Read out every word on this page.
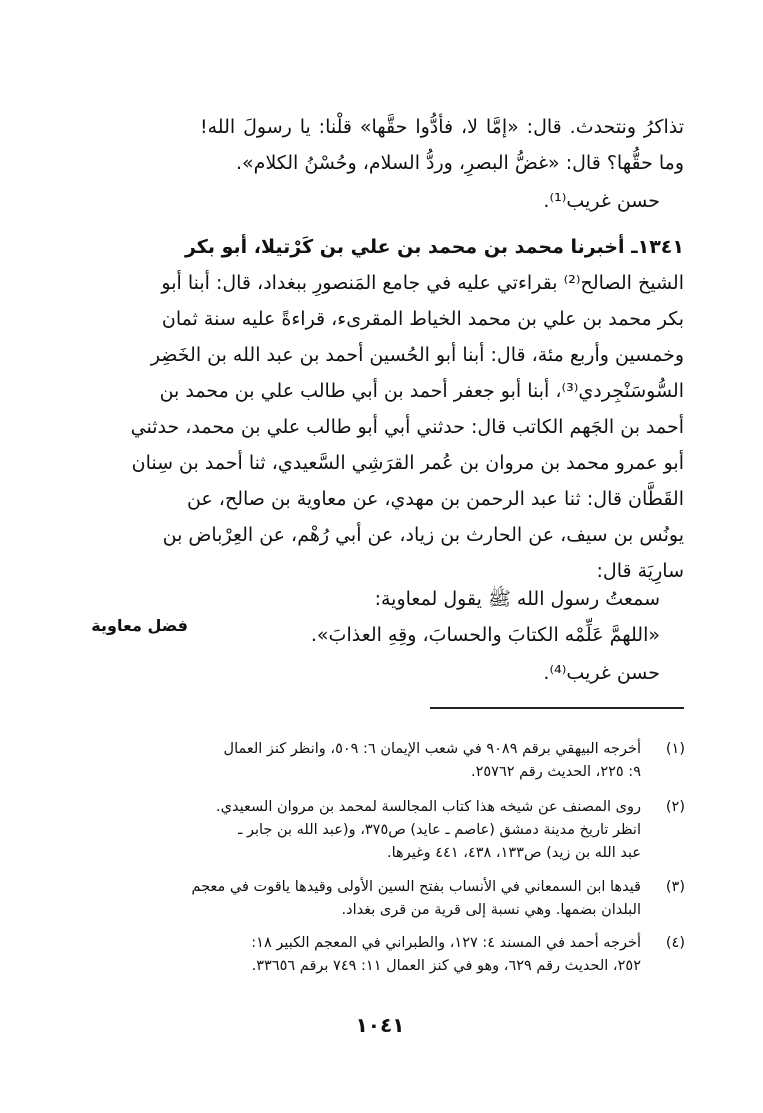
تذاكرُ ونتحدث. قال: «إمَّا لا، فأدُّوا حقَّها» قلْنا: يا رسولَ الله!
وما حقُّها؟ قال: «غضُّ البصرِ، وردُّ السلام، وحُسْنُ الكلام».
حسن غريب⁽¹⁾.
١٣٤١ـ أخبرنا محمد بن محمد بن علي بن كَرْتيلا، أبو بكر
الشيخ الصالح⁽²⁾ بقراءتي عليه في جامع المَنصورِ ببغداد، قال: أبنا أبو
بكر محمد بن علي بن محمد الخياط المقرىء، قراءةً عليه سنة ثمان
وخمسين وأربع مئة، قال: أبنا أبو الحُسين أحمد بن عبد الله بن الخَضِر
السُّوسَنْجِردي⁽³⁾، أبنا أبو جعفر أحمد بن أبي طالب علي بن محمد بن
أحمد بن الجَهم الكاتب قال: حدثني أبي أبو طالب علي بن محمد، حدثني
أبو عمرو محمد بن مروان بن عُمر القرَشِي السَّعيدي، ثنا أحمد بن سِنان
القَطَّان قال: ثنا عبد الرحمن بن مهدي، عن معاوية بن صالح، عن
يونُس بن سيف، عن الحارث بن زياد، عن أبي رُهْم، عن العِرْباض بن
سارِيَة قال:
سمعتُ رسول الله ﷺ يقول لمعاوية:
«اللهمَّ عَلِّمْه الكتابَ والحسابَ، وقِهِ العذابَ».
حسن غريب⁽⁴⁾.
فضل معاوية
(١)
أخرجه البيهقي برقم ٩٠٨٩ في شعب الإيمان ٦: ٥٠٩، وانظر كنز العمال
٩: ٢٢٥، الحديث رقم ٢٥٧٦٢.
(٢)
روى المصنف عن شيخه هذا كتاب المجالسة لمحمد بن مروان السعيدي.
انظر تاريخ مدينة دمشق (عاصم ـ عايد) ص٣٧٥، و(عبد الله بن جابر ـ
عبد الله بن زيد) ص١٣٣، ٤٣٨، ٤٤١ وغيرها.
(٣)
قيدها ابن السمعاني في الأنساب بفتح السين الأولى وقيدها ياقوت في معجم
البلدان بضمها. وهي نسبة إلى قرية من قرى بغداد.
(٤)
أخرجه أحمد في المسند ٤: ١٢٧، والطبراني في المعجم الكبير ١٨:
٢٥٢، الحديث رقم ٦٢٩، وهو في كنز العمال ١١: ٧٤٩ برقم ٣٣٦٥٦.
١٠٤١
